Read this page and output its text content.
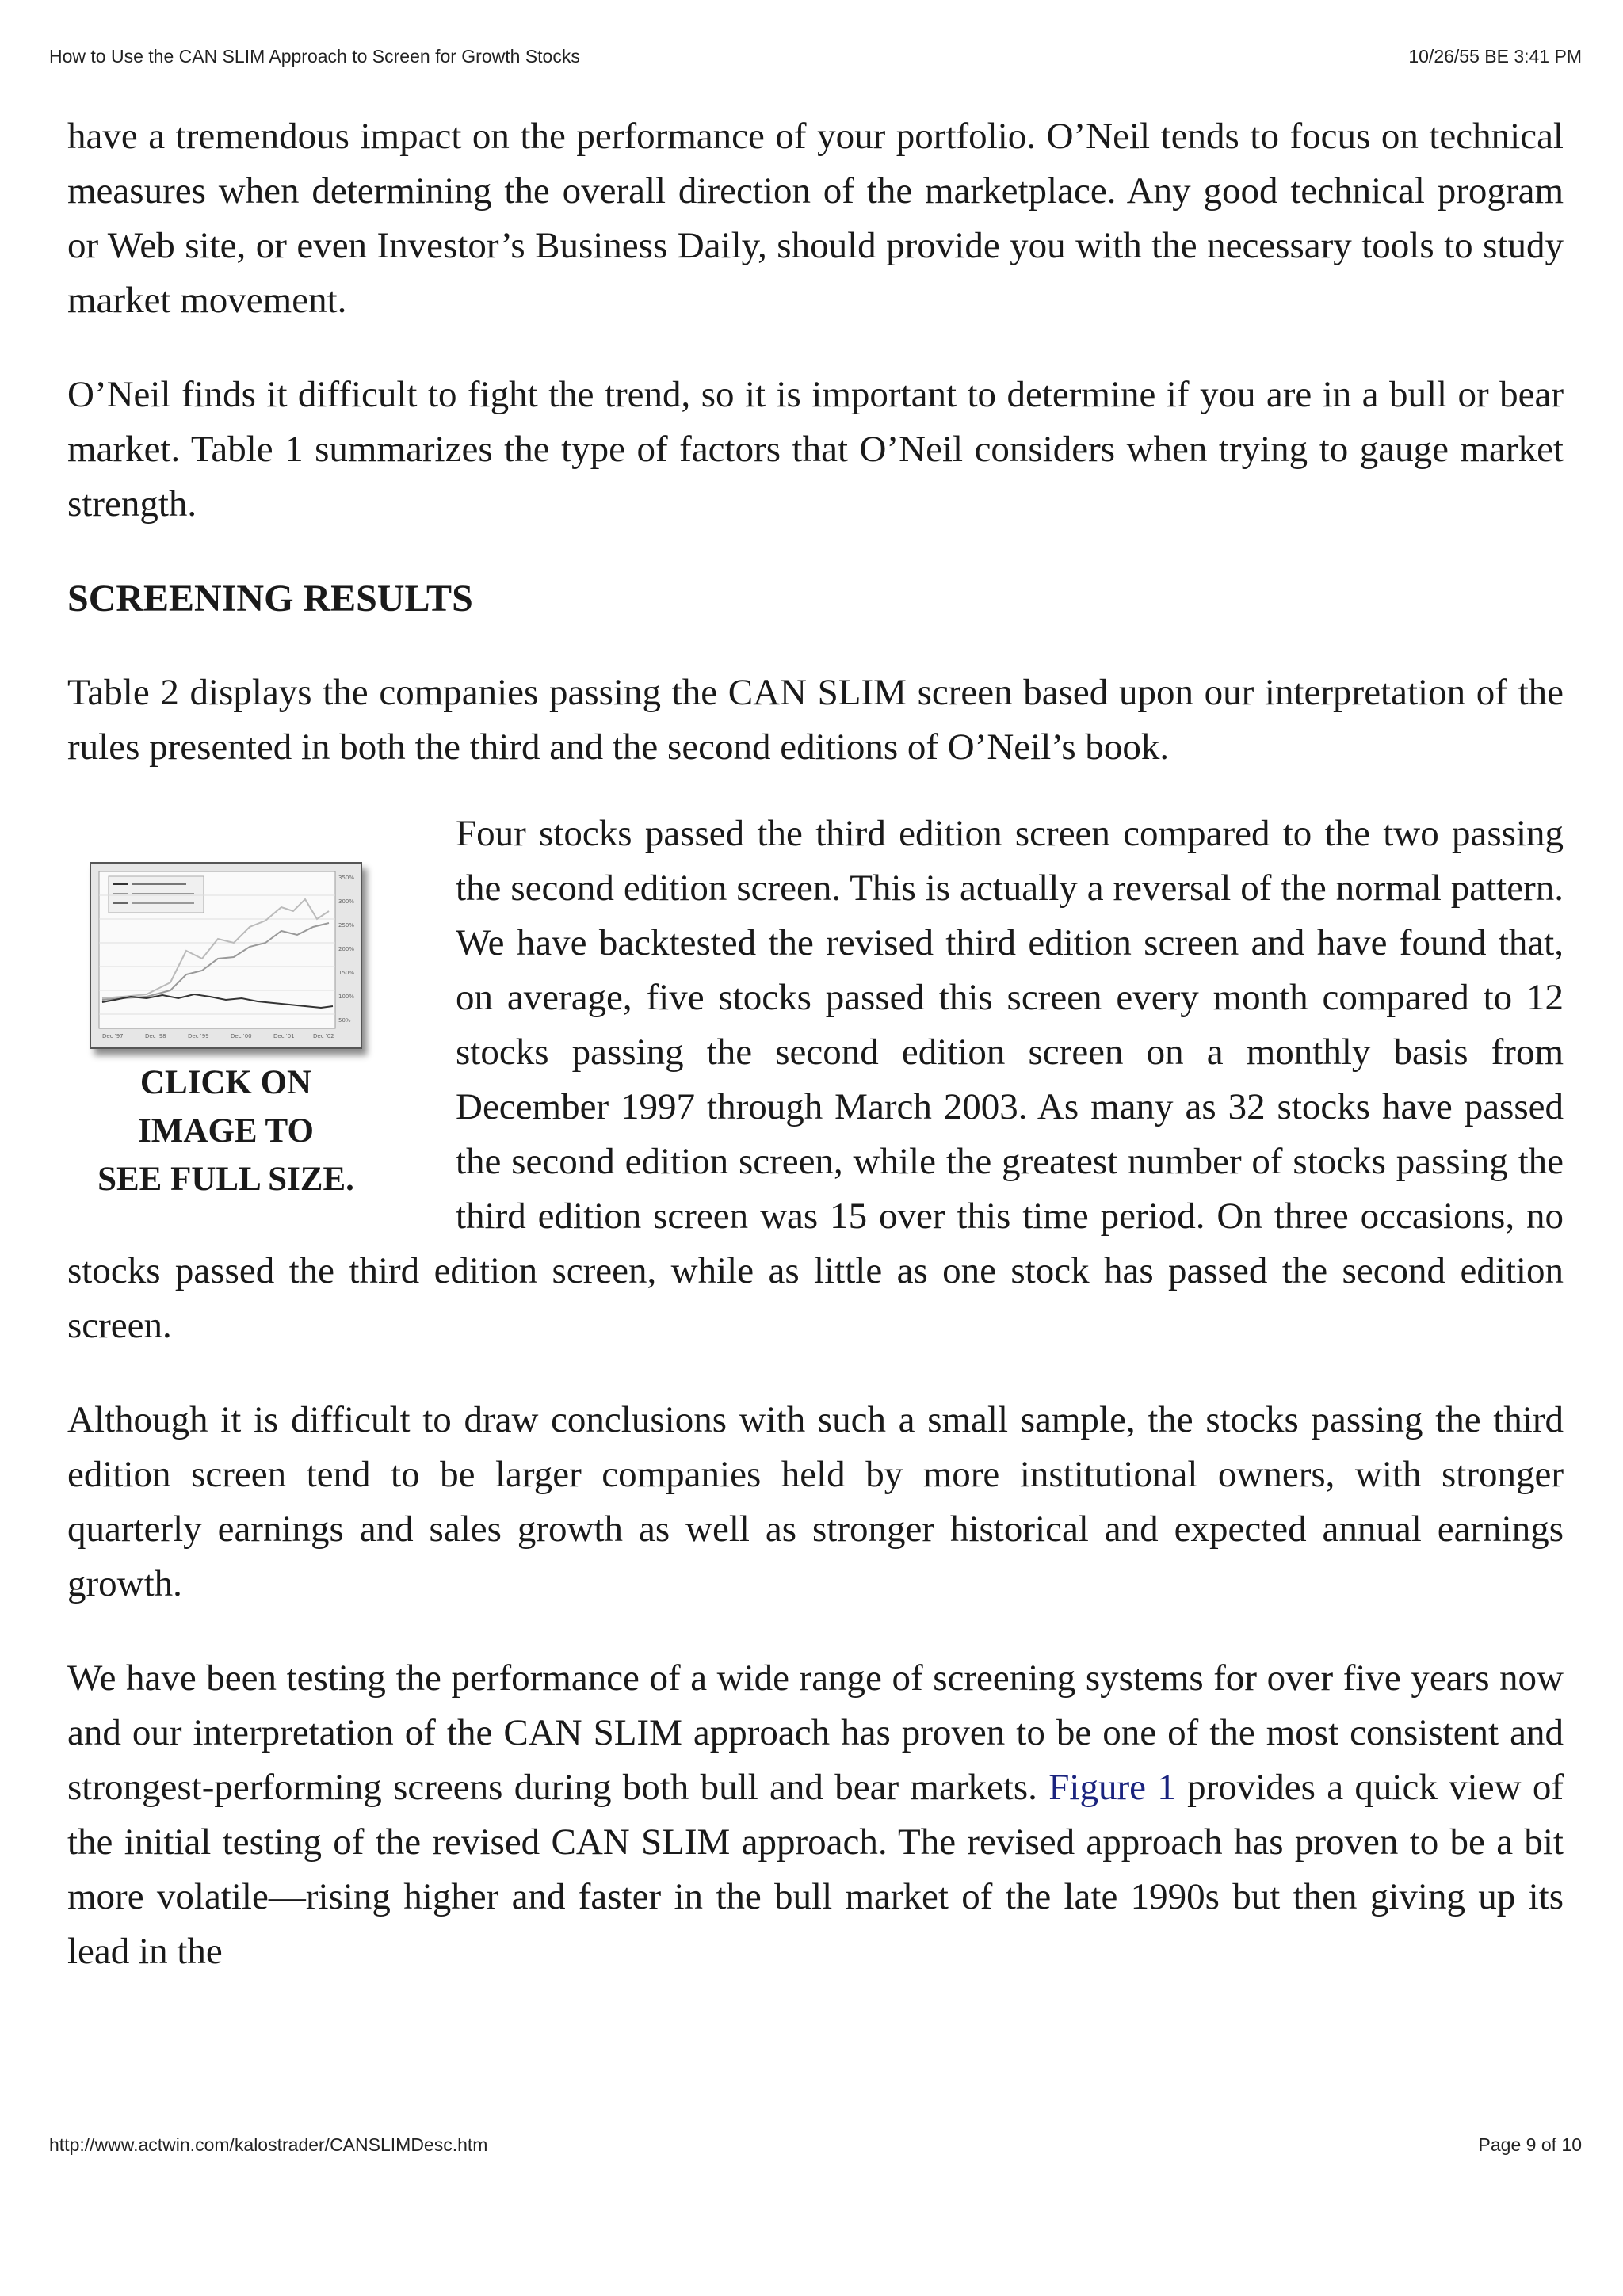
How to Use the CAN SLIM Approach to Screen for Growth Stocks	10/26/55 BE 3:41 PM

have a tremendous impact on the performance of your portfolio. O’Neil tends to focus on technical measures when determining the overall direction of the marketplace. Any good technical program or Web site, or even Investor’s Business Daily, should provide you with the necessary tools to study market movement.

O’Neil finds it difficult to fight the trend, so it is important to determine if you are in a bull or bear market. Table 1 summarizes the type of factors that O’Neil considers when trying to gauge market strength.

SCREENING RESULTS

Table 2 displays the companies passing the CAN SLIM screen based upon our interpretation of the rules presented in both the third and the second editions of O’Neil’s book.

350%
300%
250%
200%
150%
100%
50%
Dec '97	Dec '98	Dec '99	Dec '00	Dec '01	Dec '02
CLICK ON
IMAGE TO
SEE FULL SIZE.

Four stocks passed the third edition screen compared to the two passing the second edition screen. This is actually a reversal of the normal pattern. We have backtested the revised third edition screen and have found that, on average, five stocks passed this screen every month compared to 12 stocks passing the second edition screen on a monthly basis from December 1997 through March 2003. As many as 32 stocks have passed the second edition screen, while the greatest number of stocks passing the third edition screen was 15 over this time period. On three occasions, no stocks passed the third edition screen, while as little as one stock has passed the second edition screen.

Although it is difficult to draw conclusions with such a small sample, the stocks passing the third edition screen tend to be larger companies held by more institutional owners, with stronger quarterly earnings and sales growth as well as stronger historical and expected annual earnings growth.

We have been testing the performance of a wide range of screening systems for over five years now and our interpretation of the CAN SLIM approach has proven to be one of the most consistent and strongest-performing screens during both bull and bear markets. Figure 1 provides a quick view of the initial testing of the revised CAN SLIM approach. The revised approach has proven to be a bit more volatile—rising higher and faster in the bull market of the late 1990s but then giving up its lead in the

http://www.actwin.com/kalostrader/CANSLIMDesc.htm	Page 9 of 10
